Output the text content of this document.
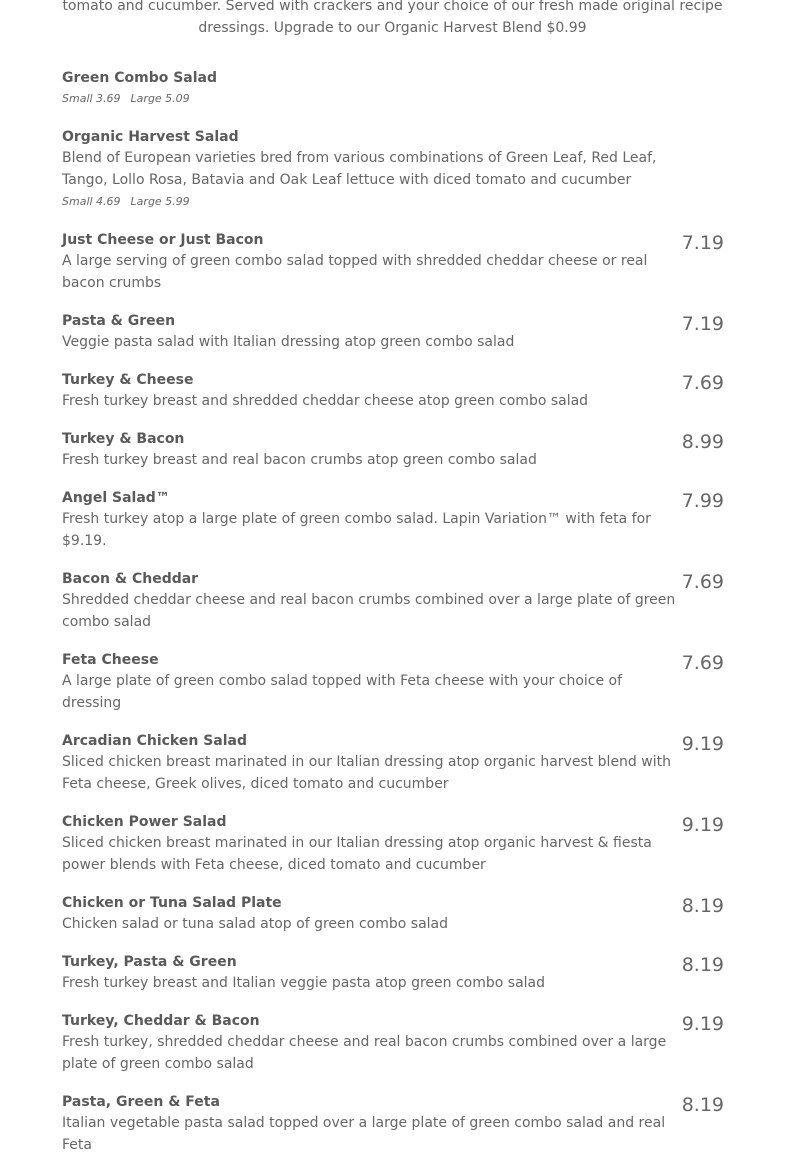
tomato and cucumber. Served with crackers and your choice of our fresh made original recipe

dressings. Upgrade to our Organic Harvest Blend $0.99

Green Combo Salad
Small 3.69 Large 5.09
Organic Harvest Salad
Blend of European varieties bred from various combinations of Green Leaf, Red Leaf, Tango, Lollo Rosa, Batavia and Oak Leaf lettuce with diced tomato and cucumber
Small 4.69 Large 5.99
Just Cheese or Just Bacon
A large serving of green combo salad topped with shredded cheddar cheese or real bacon crumbs
7.19
Pasta & Green
Veggie pasta salad with Italian dressing atop green combo salad
7.19
Turkey & Cheese
Fresh turkey breast and shredded cheddar cheese atop green combo salad
7.69
Turkey & Bacon
Fresh turkey breast and real bacon crumbs atop green combo salad
8.99
Angel Salad™
Fresh turkey atop a large plate of green combo salad. Lapin Variation™ with feta for $9.19.
7.99
Bacon & Cheddar
Shredded cheddar cheese and real bacon crumbs combined over a large plate of green combo salad
7.69
Feta Cheese
A large plate of green combo salad topped with Feta cheese with your choice of dressing
7.69
Arcadian Chicken Salad
Sliced chicken breast marinated in our Italian dressing atop organic harvest blend with Feta cheese, Greek olives, diced tomato and cucumber
9.19
Chicken Power Salad
Sliced chicken breast marinated in our Italian dressing atop organic harvest & fiesta power blends with Feta cheese, diced tomato and cucumber
9.19
Chicken or Tuna Salad Plate
Chicken salad or tuna salad atop of green combo salad
8.19
Turkey, Pasta & Green
Fresh turkey breast and Italian veggie pasta atop green combo salad
8.19
Turkey, Cheddar & Bacon
Fresh turkey, shredded cheddar cheese and real bacon crumbs combined over a large plate of green combo salad
9.19
Pasta, Green & Feta
Italian vegetable pasta salad topped over a large plate of green combo salad and real Feta
8.19
